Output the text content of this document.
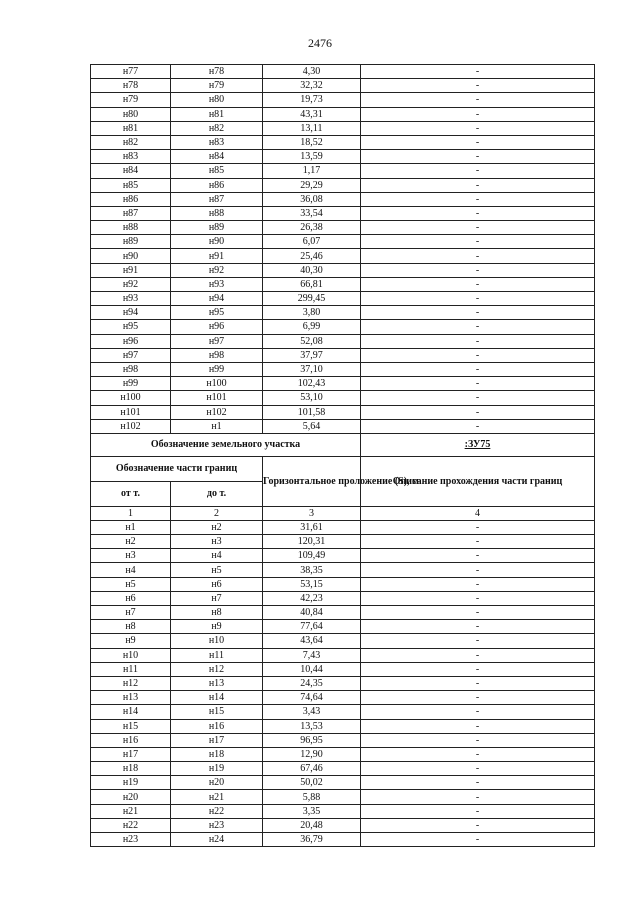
2476
н77	н78	4,30	-
н78	н79	32,32	-
н79	н80	19,73	-
н80	н81	43,31	-
н81	н82	13,11	-
н82	н83	18,52	-
н83	н84	13,59	-
н84	н85	1,17	-
н85	н86	29,29	-
н86	н87	36,08	-
н87	н88	33,54	-
н88	н89	26,38	-
н89	н90	6,07	-
н90	н91	25,46	-
н91	н92	40,30	-
н92	н93	66,81	-
н93	н94	299,45	-
н94	н95	3,80	-
н95	н96	6,99	-
н96	н97	52,08	-
н97	н98	37,97	-
н98	н99	37,10	-
н99	н100	102,43	-
н100	н101	53,10	-
н101	н102	101,58	-
н102	н1	5,64	-
Обозначение земельного участка			:ЗУ75
Обозначение части границ		Горизонтальное проложение (S), м	Описание прохождения части границ
от т.	до т.		
1	2	3	4
н1	н2	31,61	-
н2	н3	120,31	-
н3	н4	109,49	-
н4	н5	38,35	-
н5	н6	53,15	-
н6	н7	42,23	-
н7	н8	40,84	-
н8	н9	77,64	-
н9	н10	43,64	-
н10	н11	7,43	-
н11	н12	10,44	-
н12	н13	24,35	-
н13	н14	74,64	-
н14	н15	3,43	-
н15	н16	13,53	-
н16	н17	96,95	-
н17	н18	12,90	-
н18	н19	67,46	-
н19	н20	50,02	-
н20	н21	5,88	-
н21	н22	3,35	-
н22	н23	20,48	-
н23	н24	36,79	-
